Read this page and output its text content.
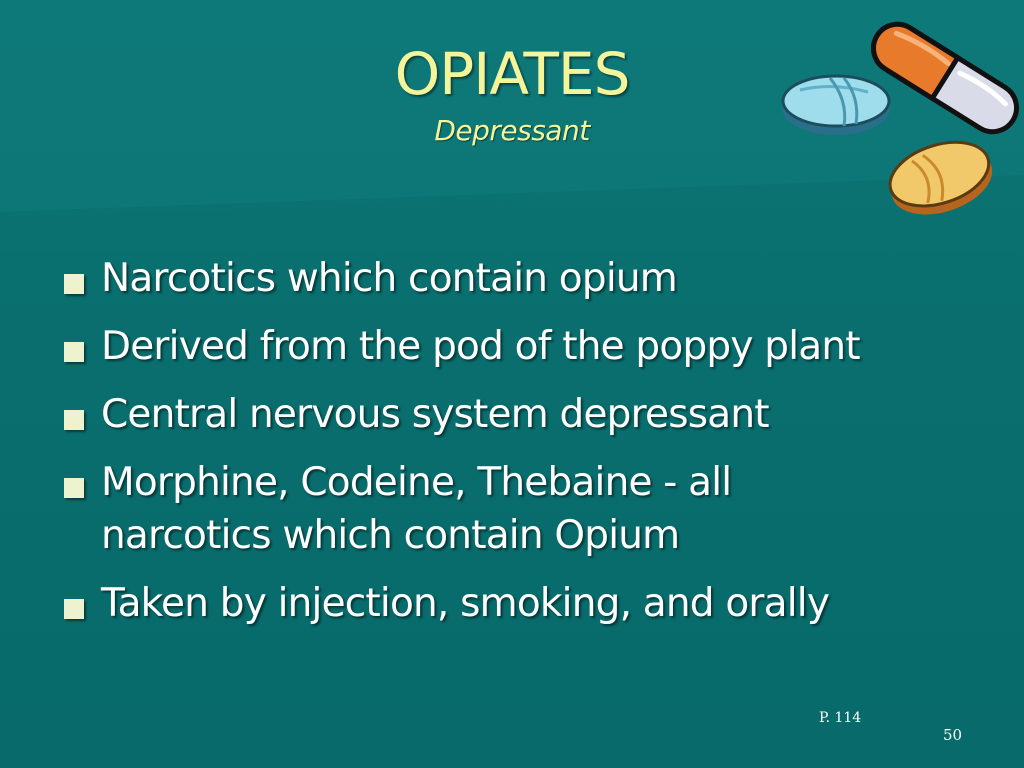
OPIATES
Depressant
Narcotics which contain opium
Derived from the pod of the poppy plant
Central nervous system depressant
Morphine, Codeine, Thebaine - all narcotics which contain Opium
Taken by injection, smoking, and orally
P. 114
50
